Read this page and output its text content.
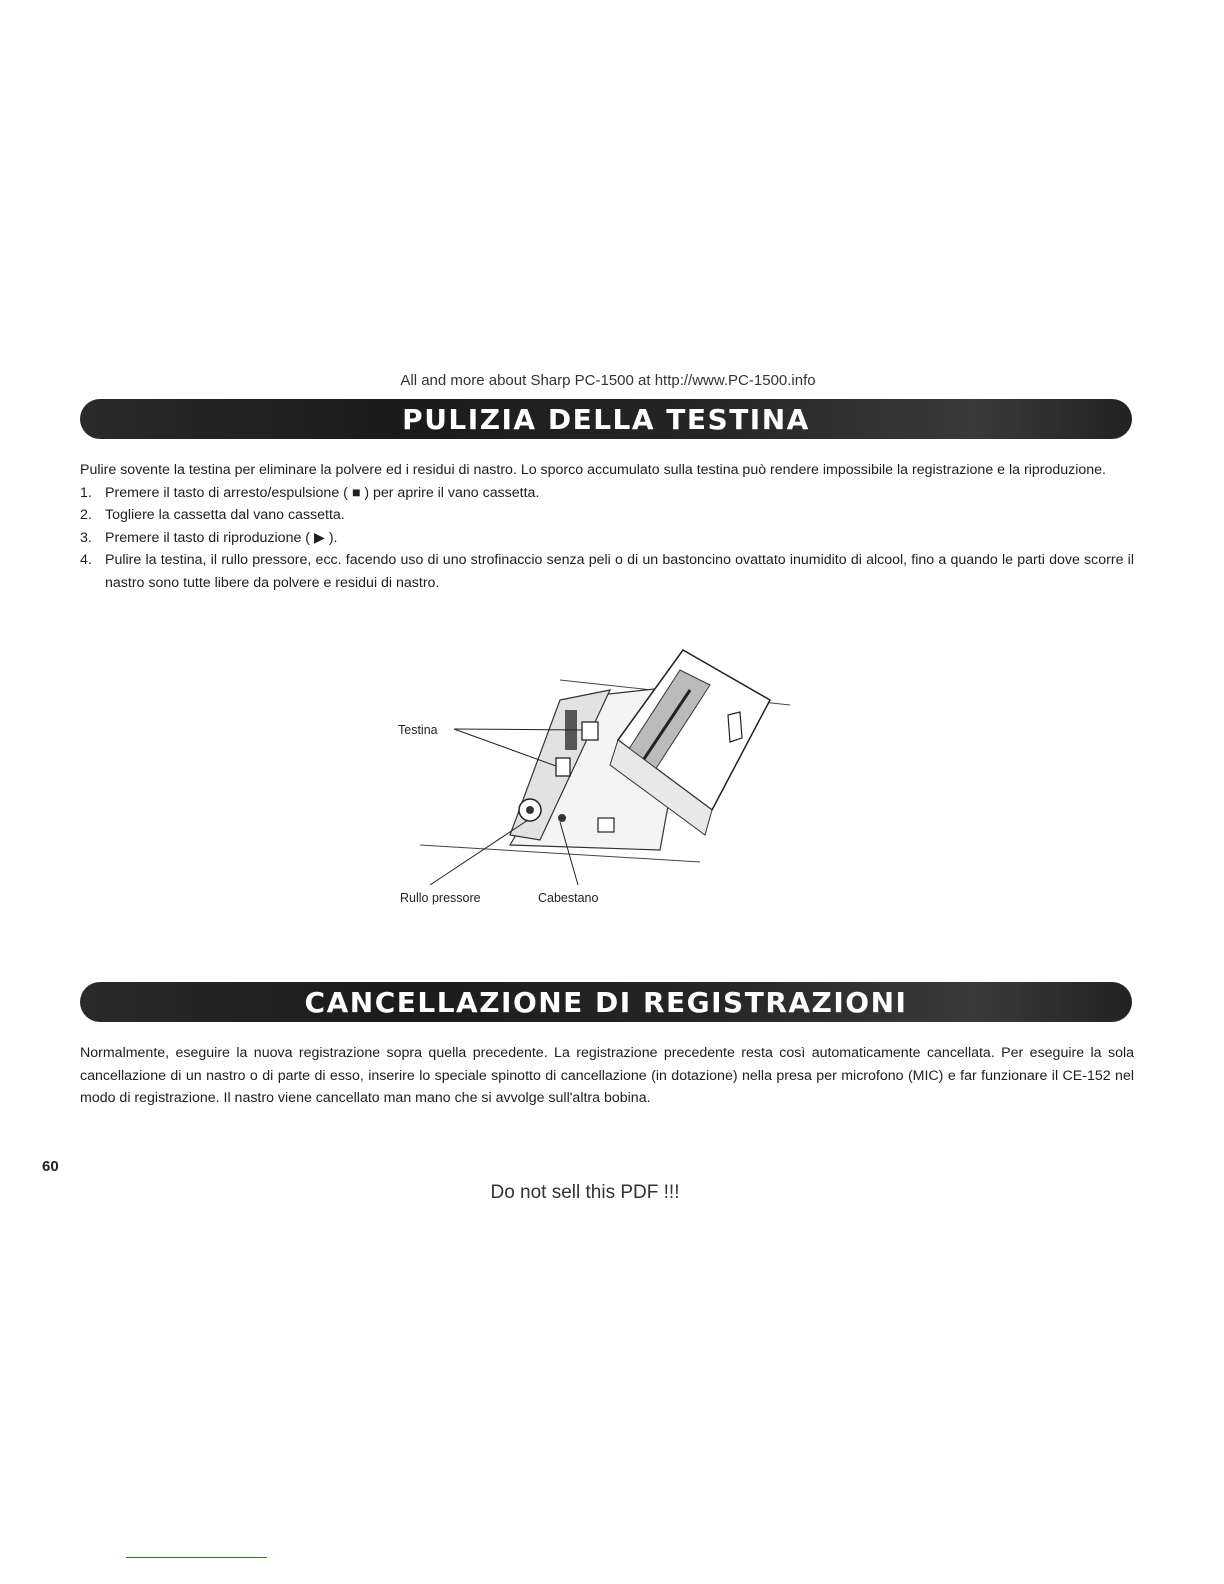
All and more about Sharp PC-1500 at http://www.PC-1500.info
PULIZIA DELLA TESTINA

Pulire sovente la testina per eliminare la polvere ed i residui di nastro. Lo sporco accumulato sulla testina può rendere impossibile la registrazione e la riproduzione.

1. Premere il tasto di arresto/espulsione ( ■ ) per aprire il vano cassetta.
2. Togliere la cassetta dal vano cassetta.
3. Premere il tasto di riproduzione ( ▶ ).
4. Pulire la testina, il rullo pressore, ecc. facendo uso di uno strofinaccio senza peli o di un bastoncino ovattato inumidito di alcool, fino a quando le parti dove scorre il nastro sono tutte libere da polvere e residui di nastro.
Testina
Rullo pressore	Cabestano
CANCELLAZIONE DI REGISTRAZIONI

Normalmente, eseguire la nuova registrazione sopra quella precedente. La registrazione precedente resta così automaticamente cancellata. Per eseguire la sola cancellazione di un nastro o di parte di esso, inserire lo speciale spinotto di cancellazione (in dotazione) nella presa per microfono (MIC) e far funzionare il CE-152 nel modo di registrazione. Il nastro viene cancellato man mano che si avvolge sull'altra bobina.

60
Do not sell this PDF !!!
